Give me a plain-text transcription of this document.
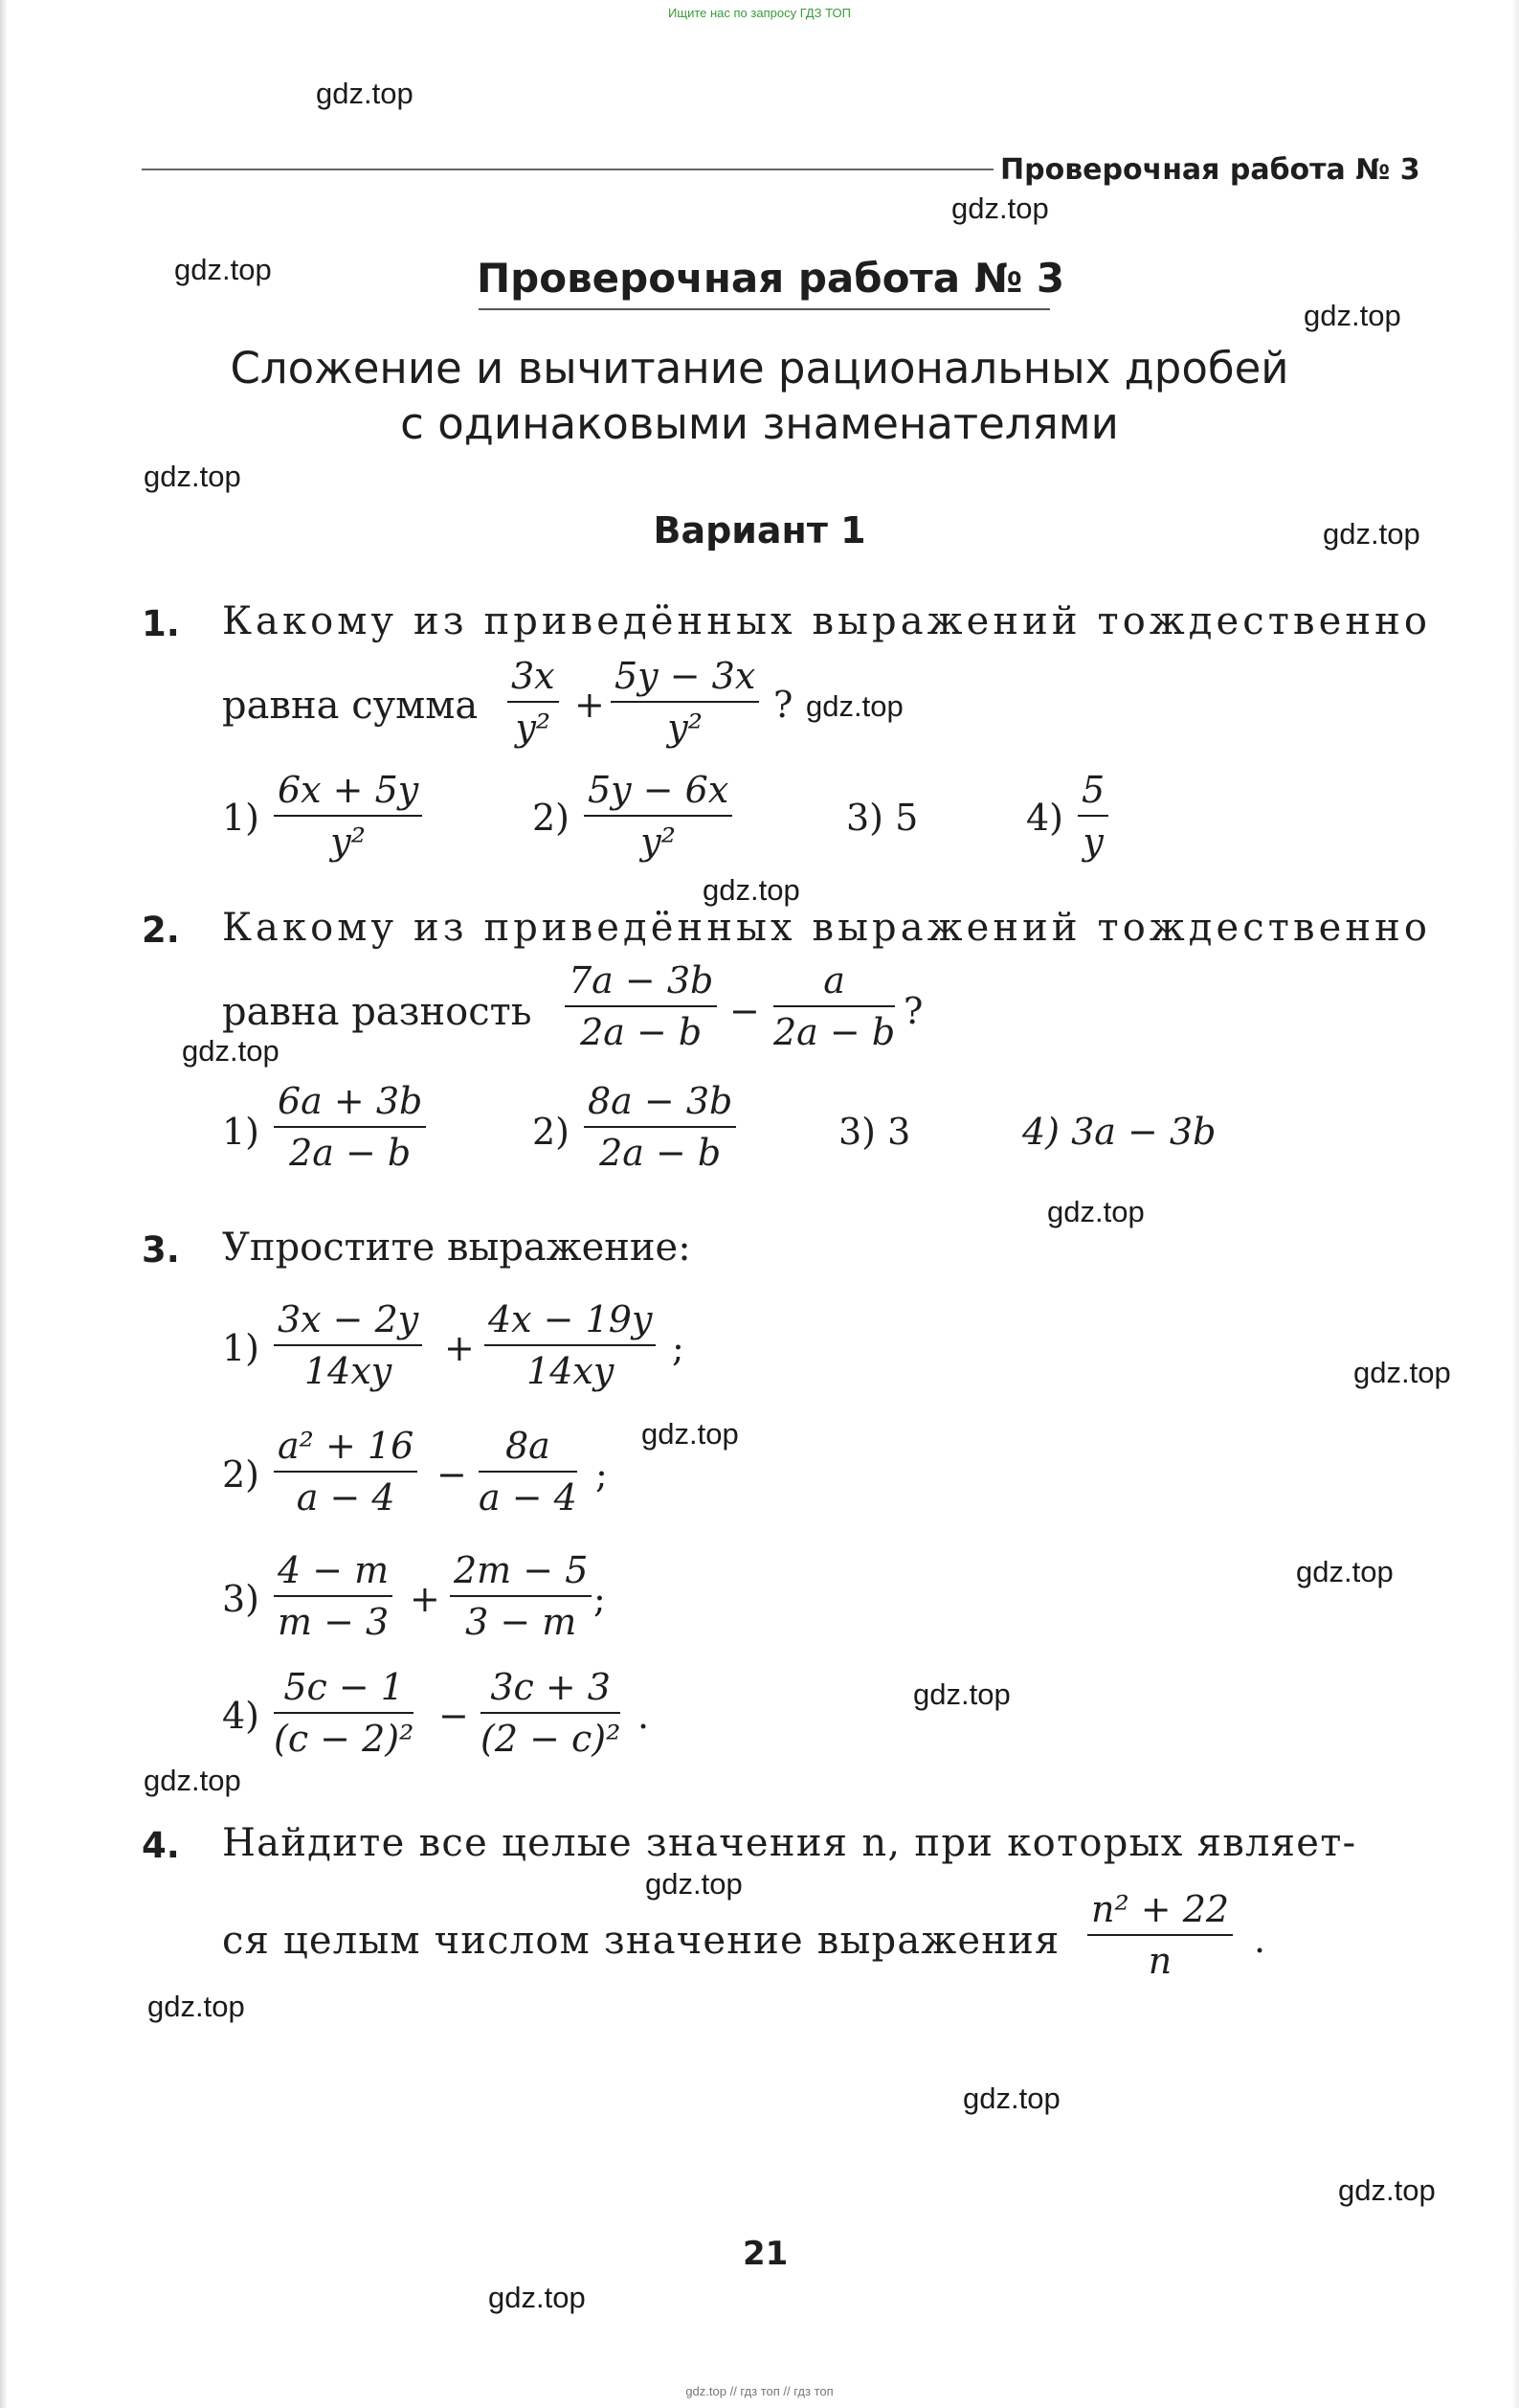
Ищите нас по запросу ГДЗ ТОП
Проверочная работа № 3
Проверочная работа № 3
Сложение и вычитание рациональных дробей
с одинаковыми знаменателями
Вариант 1
1. Какому из приведённых выражений тождественно
равна сумма
3x
y²
+
5y − 3x
y²
?
1)
6x + 5y
y²
2)
5y − 6x
y²
3) 5	4)
5
y
2. Какому из приведённых выражений тождественно
равна разность
7a − 3b
2a − b −
a
2a − b ?
1)
6a + 3b
2a − b	2)
8a − 3b
2a − b	3) 3	4) 3a − 3b
3. Упростите выражение:
1)
3x − 2y
14xy
+
4x − 19y
14xy
;
2)
a² + 16
a − 4
−
8a
a − 4
;
3)
4 − m
m − 3
+
2m − 5
3 − m
;
4)
5c − 1
(c − 2)²
−
3c + 3
(2 − c)²
.
4. Найдите все целые значения n, при которых являет-
ся целым числом значение выражения
n² + 22
n	.
21
gdz.top
gdz.top
gdz.top
gdz.top
gdz.top
gdz.top
gdz.top
gdz.top
gdz.top
gdz.top
gdz.top
gdz.top
gdz.top
gdz.top
gdz.top
gdz.top
gdz.top
gdz.top
gdz.top
gdz.top
gdz.top // гдз топ // гдз топ
